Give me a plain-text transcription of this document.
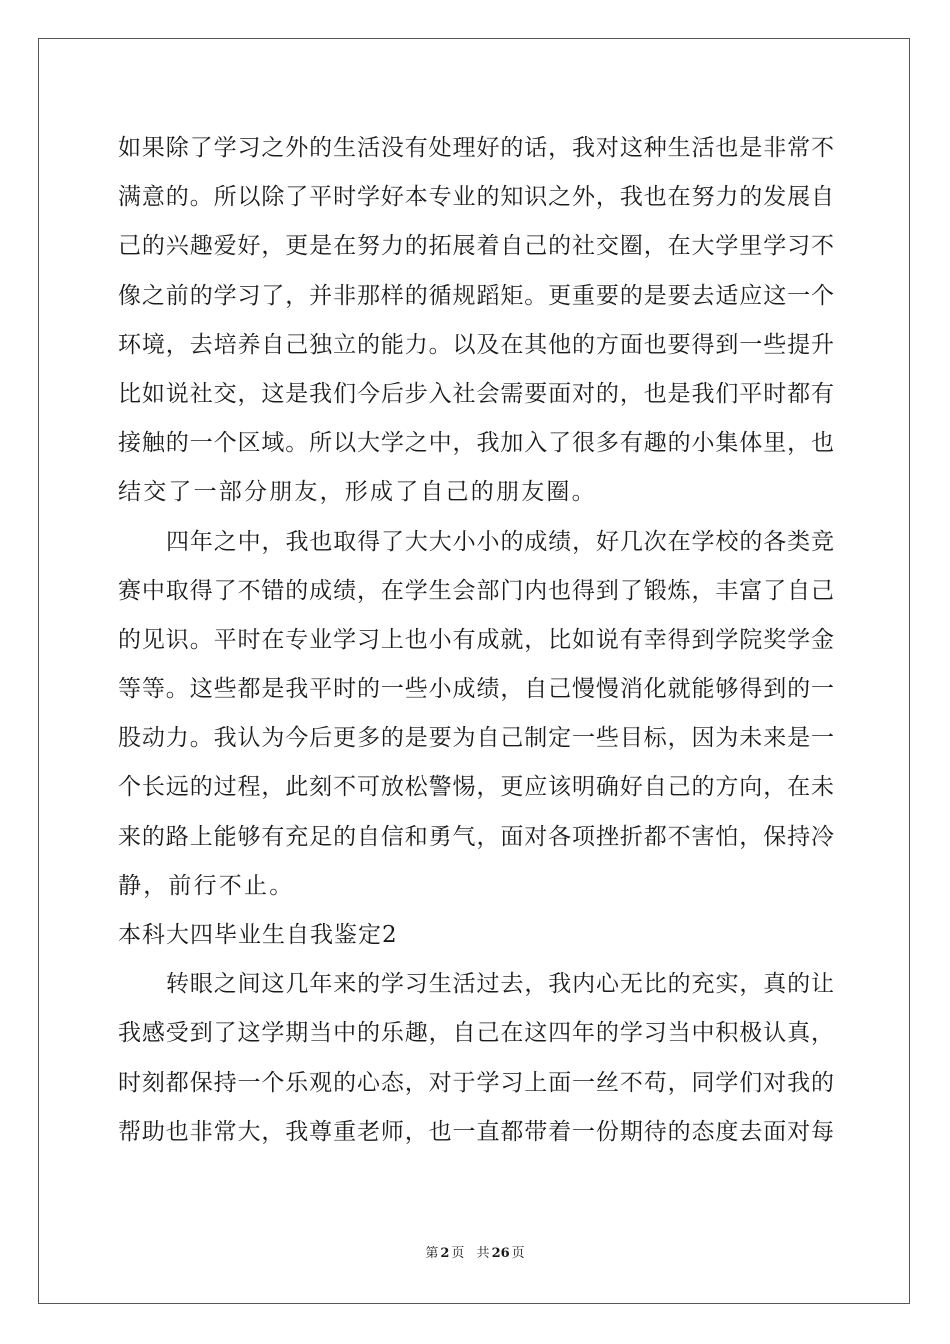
如果除了学习之外的生活没有处理好的话，我对这种生活也是非常不
满意的。所以除了平时学好本专业的知识之外，我也在努力的发展自
己的兴趣爱好，更是在努力的拓展着自己的社交圈，在大学里学习不
像之前的学习了，并非那样的循规蹈矩。更重要的是要去适应这一个
环境，去培养自己独立的能力。以及在其他的方面也要得到一些提升
比如说社交，这是我们今后步入社会需要面对的，也是我们平时都有
接触的一个区域。所以大学之中，我加入了很多有趣的小集体里，也
结交了一部分朋友，形成了自己的朋友圈。
四年之中，我也取得了大大小小的成绩，好几次在学校的各类竞
赛中取得了不错的成绩，在学生会部门内也得到了锻炼，丰富了自己
的见识。平时在专业学习上也小有成就，比如说有幸得到学院奖学金
等等。这些都是我平时的一些小成绩，自己慢慢消化就能够得到的一
股动力。我认为今后更多的是要为自己制定一些目标，因为未来是一
个长远的过程，此刻不可放松警惕，更应该明确好自己的方向，在未
来的路上能够有充足的自信和勇气，面对各项挫折都不害怕，保持冷
静，前行不止。
本科大四毕业生自我鉴定2
转眼之间这几年来的学习生活过去，我内心无比的充实，真的让
我感受到了这学期当中的乐趣，自己在这四年的学习当中积极认真，
时刻都保持一个乐观的心态，对于学习上面一丝不苟，同学们对我的
帮助也非常大，我尊重老师，也一直都带着一份期待的态度去面对每
第 2 页 共 26 页
